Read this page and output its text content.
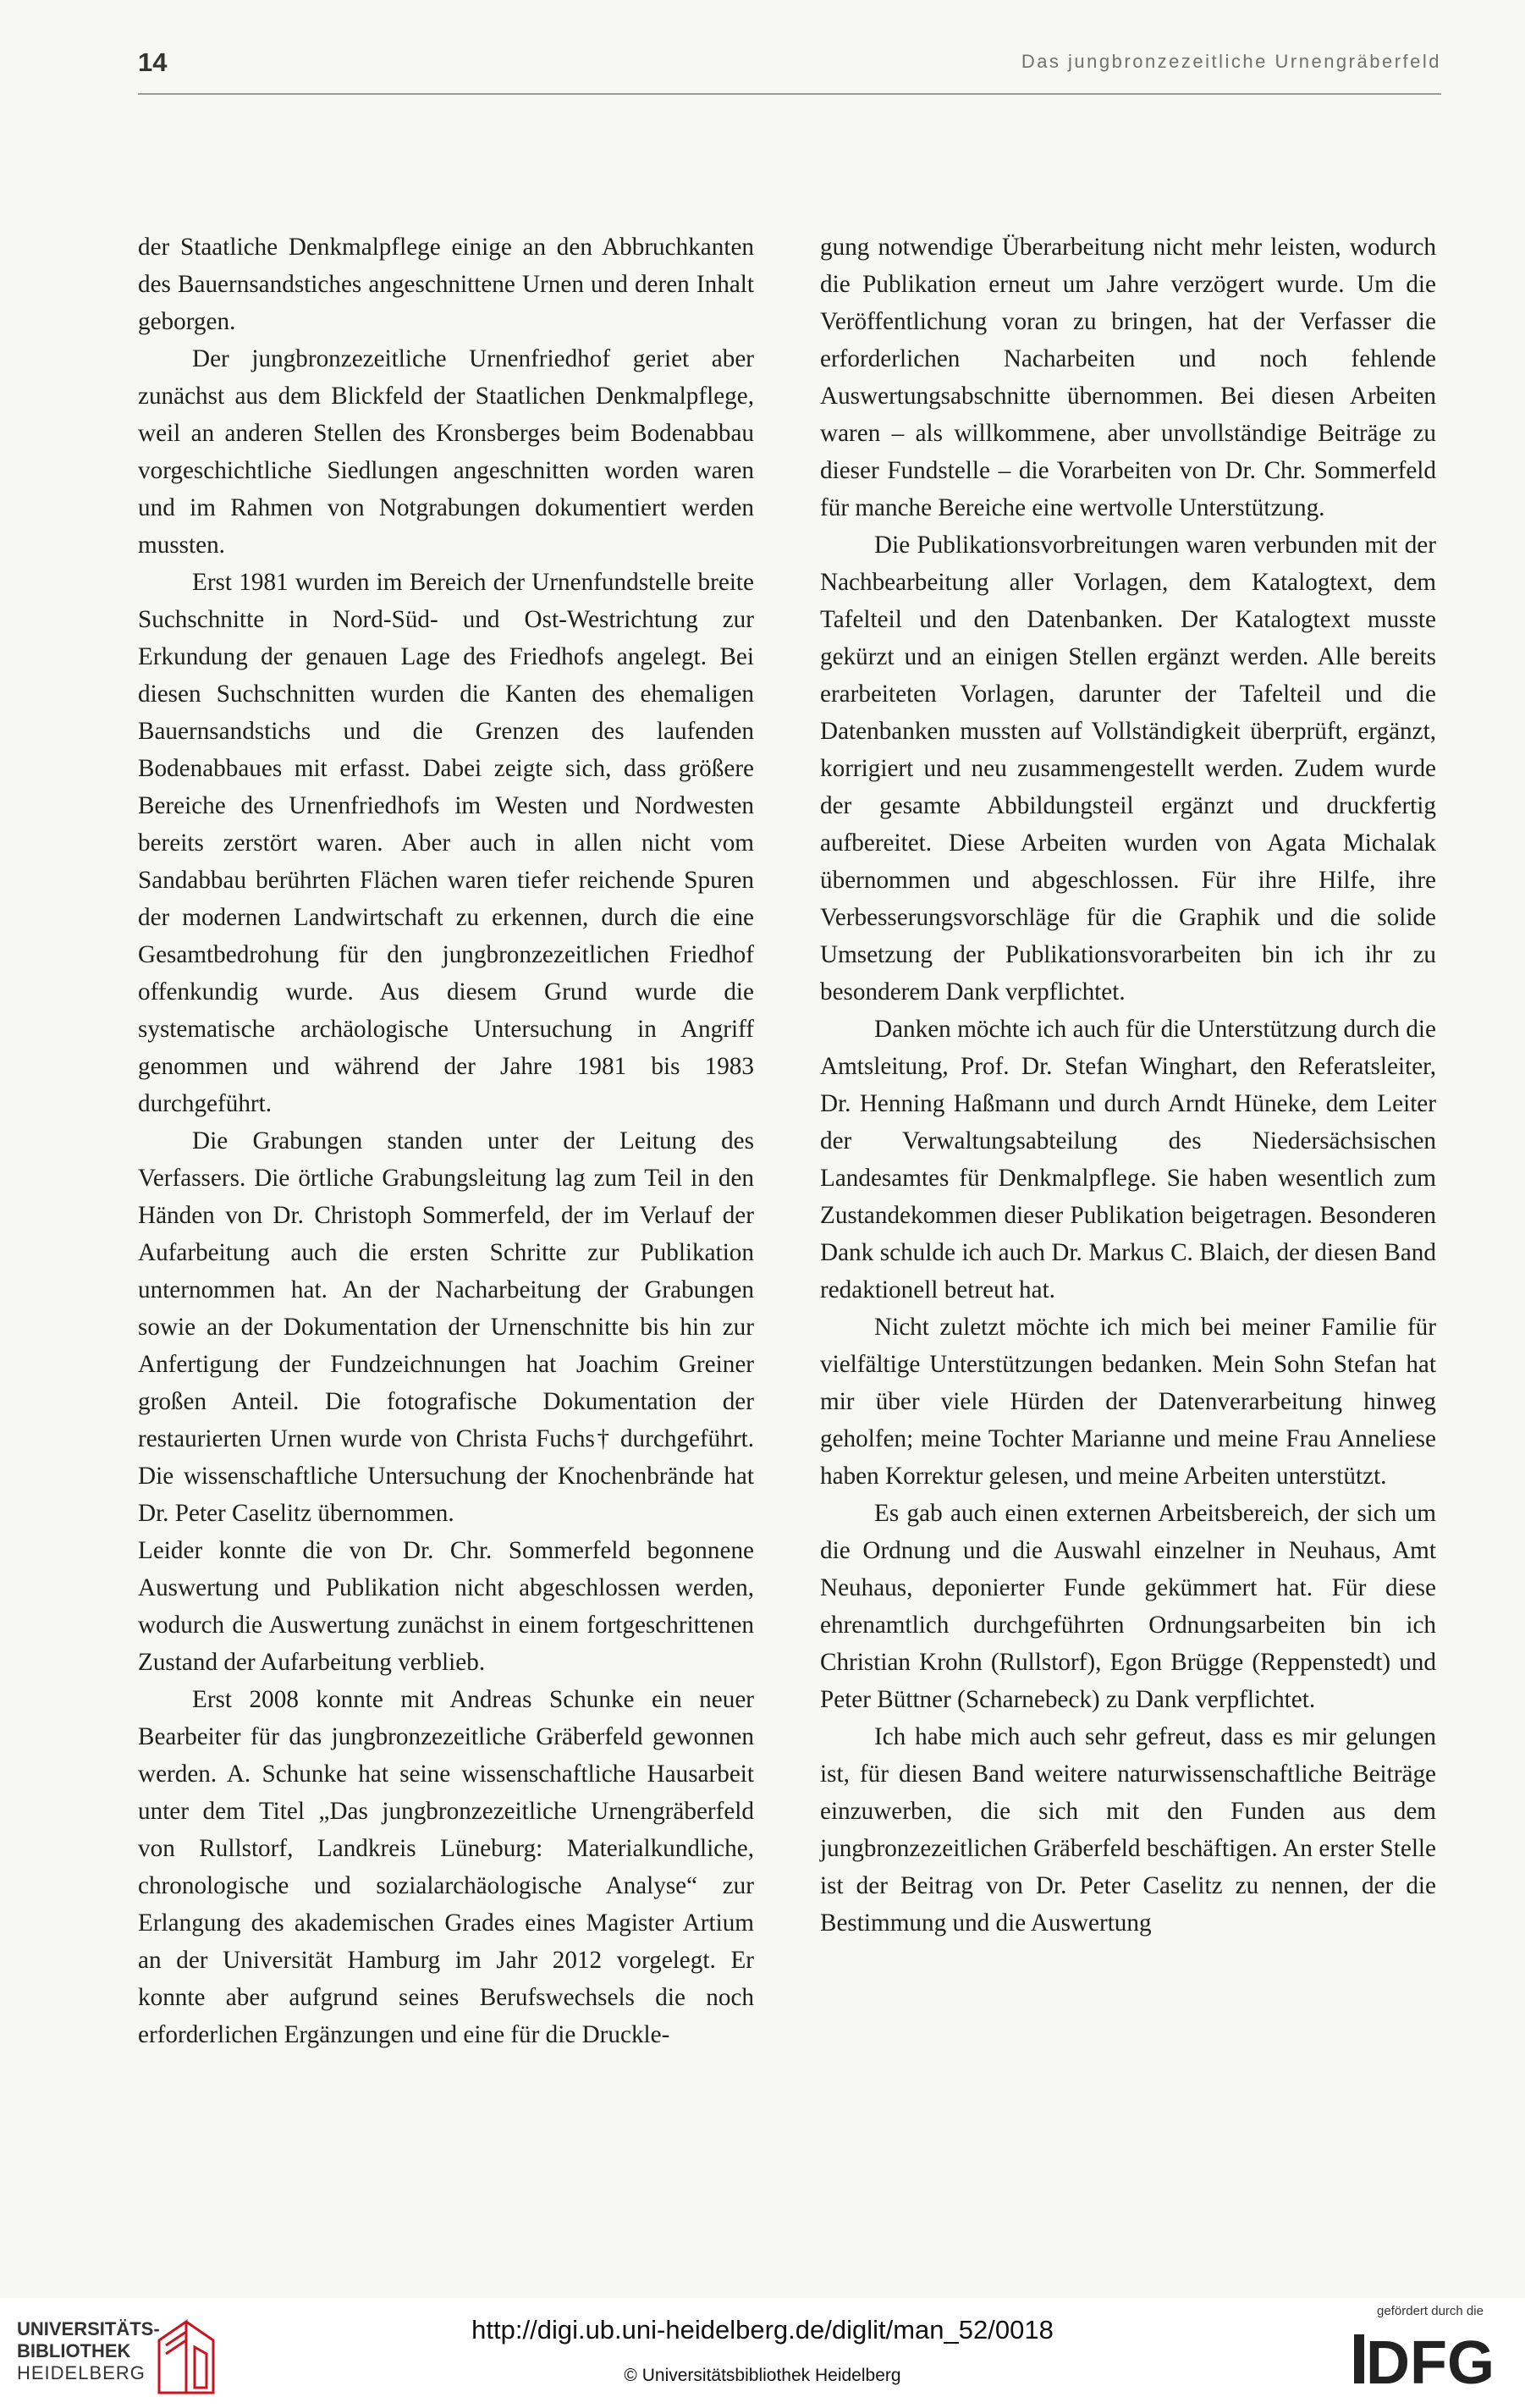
14	Das jungbronzezeitliche Urnengräberfeld

der Staatliche Denkmalpflege einige an den Abbruchkanten des Bauernsandstiches angeschnittene Urnen und deren Inhalt geborgen.

Der jungbronzezeitliche Urnenfriedhof geriet aber zunächst aus dem Blickfeld der Staatlichen Denkmalpflege, weil an anderen Stellen des Kronsberges beim Bodenabbau vorgeschichtliche Siedlungen angeschnitten worden waren und im Rahmen von Notgrabungen dokumentiert werden mussten.

Erst 1981 wurden im Bereich der Urnenfundstelle breite Suchschnitte in Nord-Süd- und Ost-Westrichtung zur Erkundung der genauen Lage des Friedhofs angelegt. Bei diesen Suchschnitten wurden die Kanten des ehemaligen Bauernsandstichs und die Grenzen des laufenden Bodenabbaues mit erfasst. Dabei zeigte sich, dass größere Bereiche des Urnenfriedhofs im Westen und Nordwesten bereits zerstört waren. Aber auch in allen nicht vom Sandabbau berührten Flächen waren tiefer reichende Spuren der modernen Landwirtschaft zu erkennen, durch die eine Gesamtbedrohung für den jungbronzezeitlichen Friedhof offenkundig wurde. Aus diesem Grund wurde die systematische archäologische Untersuchung in Angriff genommen und während der Jahre 1981 bis 1983 durchgeführt.

Die Grabungen standen unter der Leitung des Verfassers. Die örtliche Grabungsleitung lag zum Teil in den Händen von Dr. Christoph Sommerfeld, der im Verlauf der Aufarbeitung auch die ersten Schritte zur Publikation unternommen hat. An der Nacharbeitung der Grabungen sowie an der Dokumentation der Urnenschnitte bis hin zur Anfertigung der Fundzeichnungen hat Joachim Greiner großen Anteil. Die fotografische Dokumentation der restaurierten Urnen wurde von Christa Fuchs† durchgeführt. Die wissenschaftliche Untersuchung der Knochenbrände hat Dr. Peter Caselitz übernommen.

Leider konnte die von Dr. Chr. Sommerfeld begonnene Auswertung und Publikation nicht abgeschlossen werden, wodurch die Auswertung zunächst in einem fortgeschrittenen Zustand der Aufarbeitung verblieb.

Erst 2008 konnte mit Andreas Schunke ein neuer Bearbeiter für das jungbronzezeitliche Gräberfeld gewonnen werden. A. Schunke hat seine wissenschaftliche Hausarbeit unter dem Titel „Das jungbronzezeitliche Urnengräberfeld von Rullstorf, Landkreis Lüneburg: Materialkundliche, chronologische und sozialarchäologische Analyse“ zur Erlangung des akademischen Grades eines Magister Artium an der Universität Hamburg im Jahr 2012 vorgelegt. Er konnte aber aufgrund seines Berufswechsels die noch erforderlichen Ergänzungen und eine für die Druckle-

gung notwendige Überarbeitung nicht mehr leisten, wodurch die Publikation erneut um Jahre verzögert wurde. Um die Veröffentlichung voran zu bringen, hat der Verfasser die erforderlichen Nacharbeiten und noch fehlende Auswertungsabschnitte übernommen. Bei diesen Arbeiten waren – als willkommene, aber unvollständige Beiträge zu dieser Fundstelle – die Vorarbeiten von Dr. Chr. Sommerfeld für manche Bereiche eine wertvolle Unterstützung.

Die Publikationsvorbreitungen waren verbunden mit der Nachbearbeitung aller Vorlagen, dem Katalogtext, dem Tafelteil und den Datenbanken. Der Katalogtext musste gekürzt und an einigen Stellen ergänzt werden. Alle bereits erarbeiteten Vorlagen, darunter der Tafelteil und die Datenbanken mussten auf Vollständigkeit überprüft, ergänzt, korrigiert und neu zusammengestellt werden. Zudem wurde der gesamte Abbildungsteil ergänzt und druckfertig aufbereitet. Diese Arbeiten wurden von Agata Michalak übernommen und abgeschlossen. Für ihre Hilfe, ihre Verbesserungsvorschläge für die Graphik und die solide Umsetzung der Publikationsvorarbeiten bin ich ihr zu besonderem Dank verpflichtet.

Danken möchte ich auch für die Unterstützung durch die Amtsleitung, Prof. Dr. Stefan Winghart, den Referatsleiter, Dr. Henning Haßmann und durch Arndt Hüneke, dem Leiter der Verwaltungsabteilung des Niedersächsischen Landesamtes für Denkmalpflege. Sie haben wesentlich zum Zustandekommen dieser Publikation beigetragen. Besonderen Dank schulde ich auch Dr. Markus C. Blaich, der diesen Band redaktionell betreut hat.

Nicht zuletzt möchte ich mich bei meiner Familie für vielfältige Unterstützungen bedanken. Mein Sohn Stefan hat mir über viele Hürden der Datenverarbeitung hinweg geholfen; meine Tochter Marianne und meine Frau Anneliese haben Korrektur gelesen, und meine Arbeiten unterstützt.

Es gab auch einen externen Arbeitsbereich, der sich um die Ordnung und die Auswahl einzelner in Neuhaus, Amt Neuhaus, deponierter Funde gekümmert hat. Für diese ehrenamtlich durchgeführten Ordnungsarbeiten bin ich Christian Krohn (Rullstorf), Egon Brügge (Reppenstedt) und Peter Büttner (Scharnebeck) zu Dank verpflichtet.

Ich habe mich auch sehr gefreut, dass es mir gelungen ist, für diesen Band weitere naturwissenschaftliche Beiträge einzuwerben, die sich mit den Funden aus dem jungbronzezeitlichen Gräberfeld beschäftigen. An erster Stelle ist der Beitrag von Dr. Peter Caselitz zu nennen, der die Bestimmung und die Auswertung

UNIVERSITÄTS-
BIBLIOTHEK
HEIDELBERG
http://digi.ub.uni-heidelberg.de/diglit/man_52/0018
© Universitätsbibliothek Heidelberg
gefördert durch die
DFG
